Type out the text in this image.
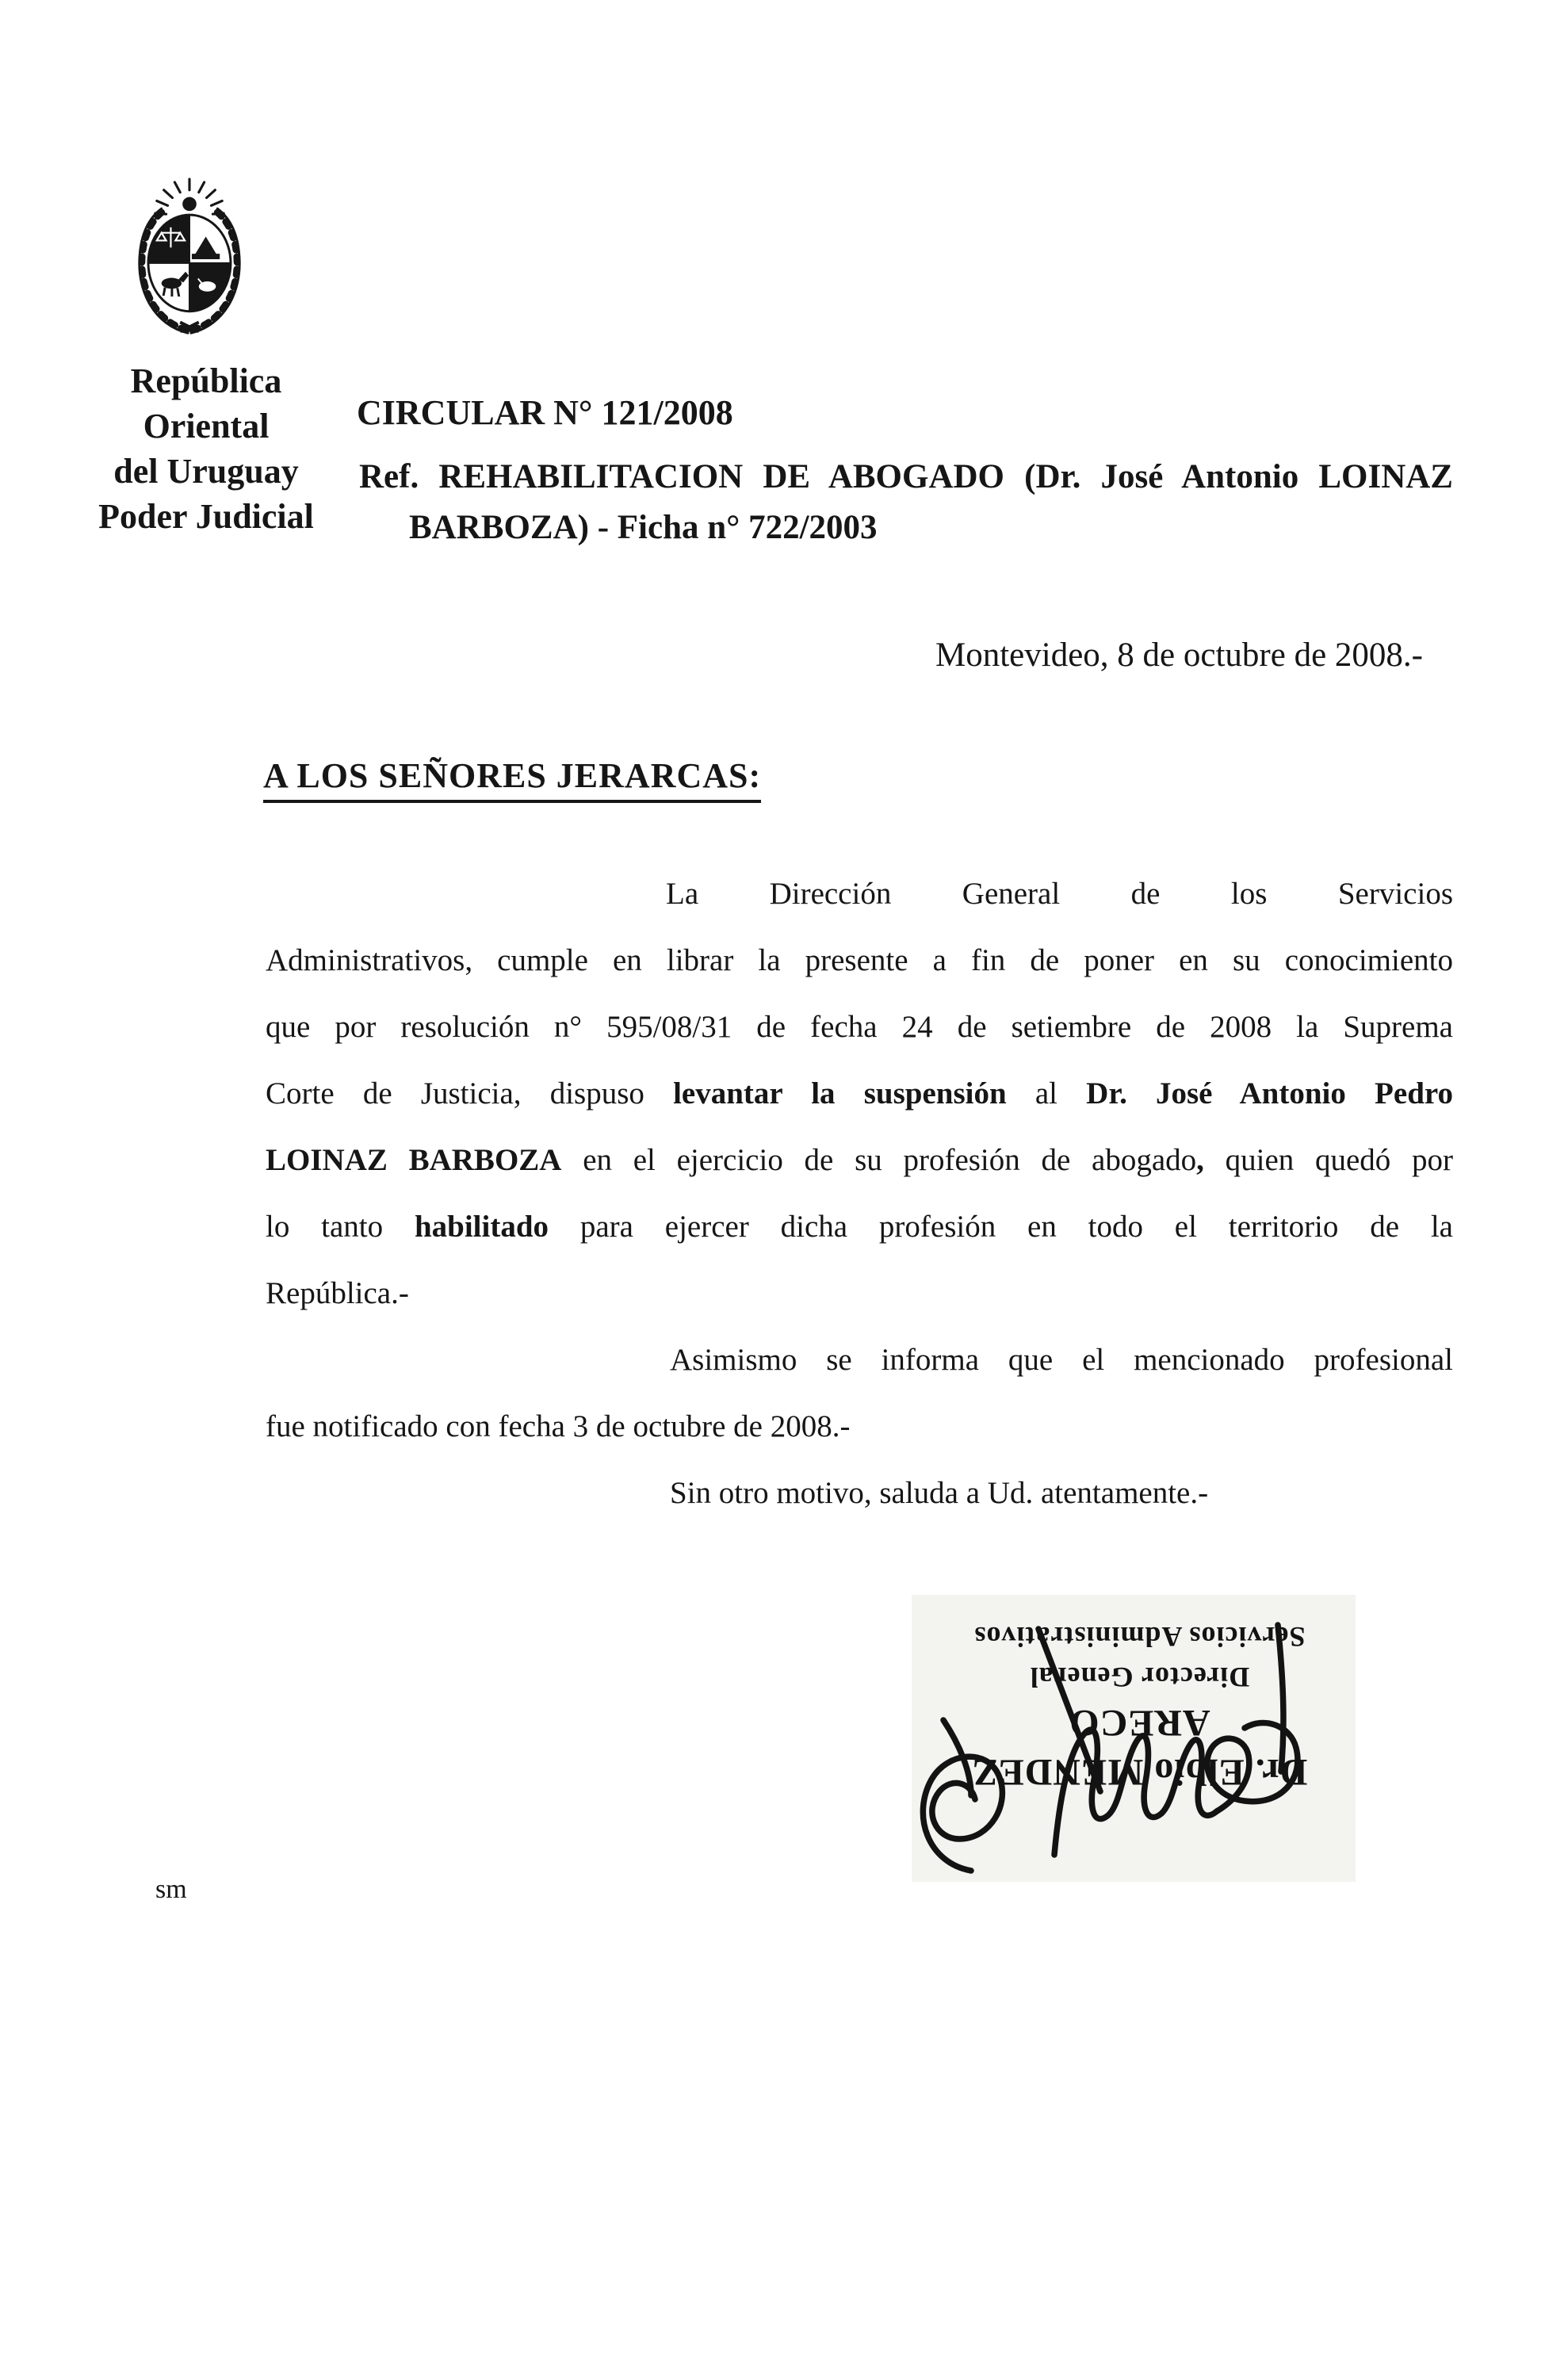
República
Oriental
del Uruguay
Poder Judicial
CIRCULAR N° 121/2008
Ref. REHABILITACION DE ABOGADO (Dr. José Antonio LOINAZ
BARBOZA) - Ficha n° 722/2003
Montevideo, 8 de octubre de 2008.-
A LOS SEÑORES JERARCAS:
La Dirección General de los Servicios
Administrativos, cumple en librar la presente a fin de poner en su conocimiento
que por resolución n° 595/08/31 de fecha 24 de setiembre de 2008 la Suprema
Corte de Justicia, dispuso levantar la suspensión al Dr. José Antonio Pedro
LOINAZ BARBOZA en el ejercicio de su profesión de abogado, quien quedó por
lo tanto habilitado para ejercer dicha profesión en todo el territorio de la
República.-
Asimismo se informa que el mencionado profesional
fue notificado con fecha 3 de octubre de 2008.-
Sin otro motivo, saluda a Ud. atentamente.-
Dr. Elbio MENDEZ ARECO
Director General
Servicios Administrativos
sm
